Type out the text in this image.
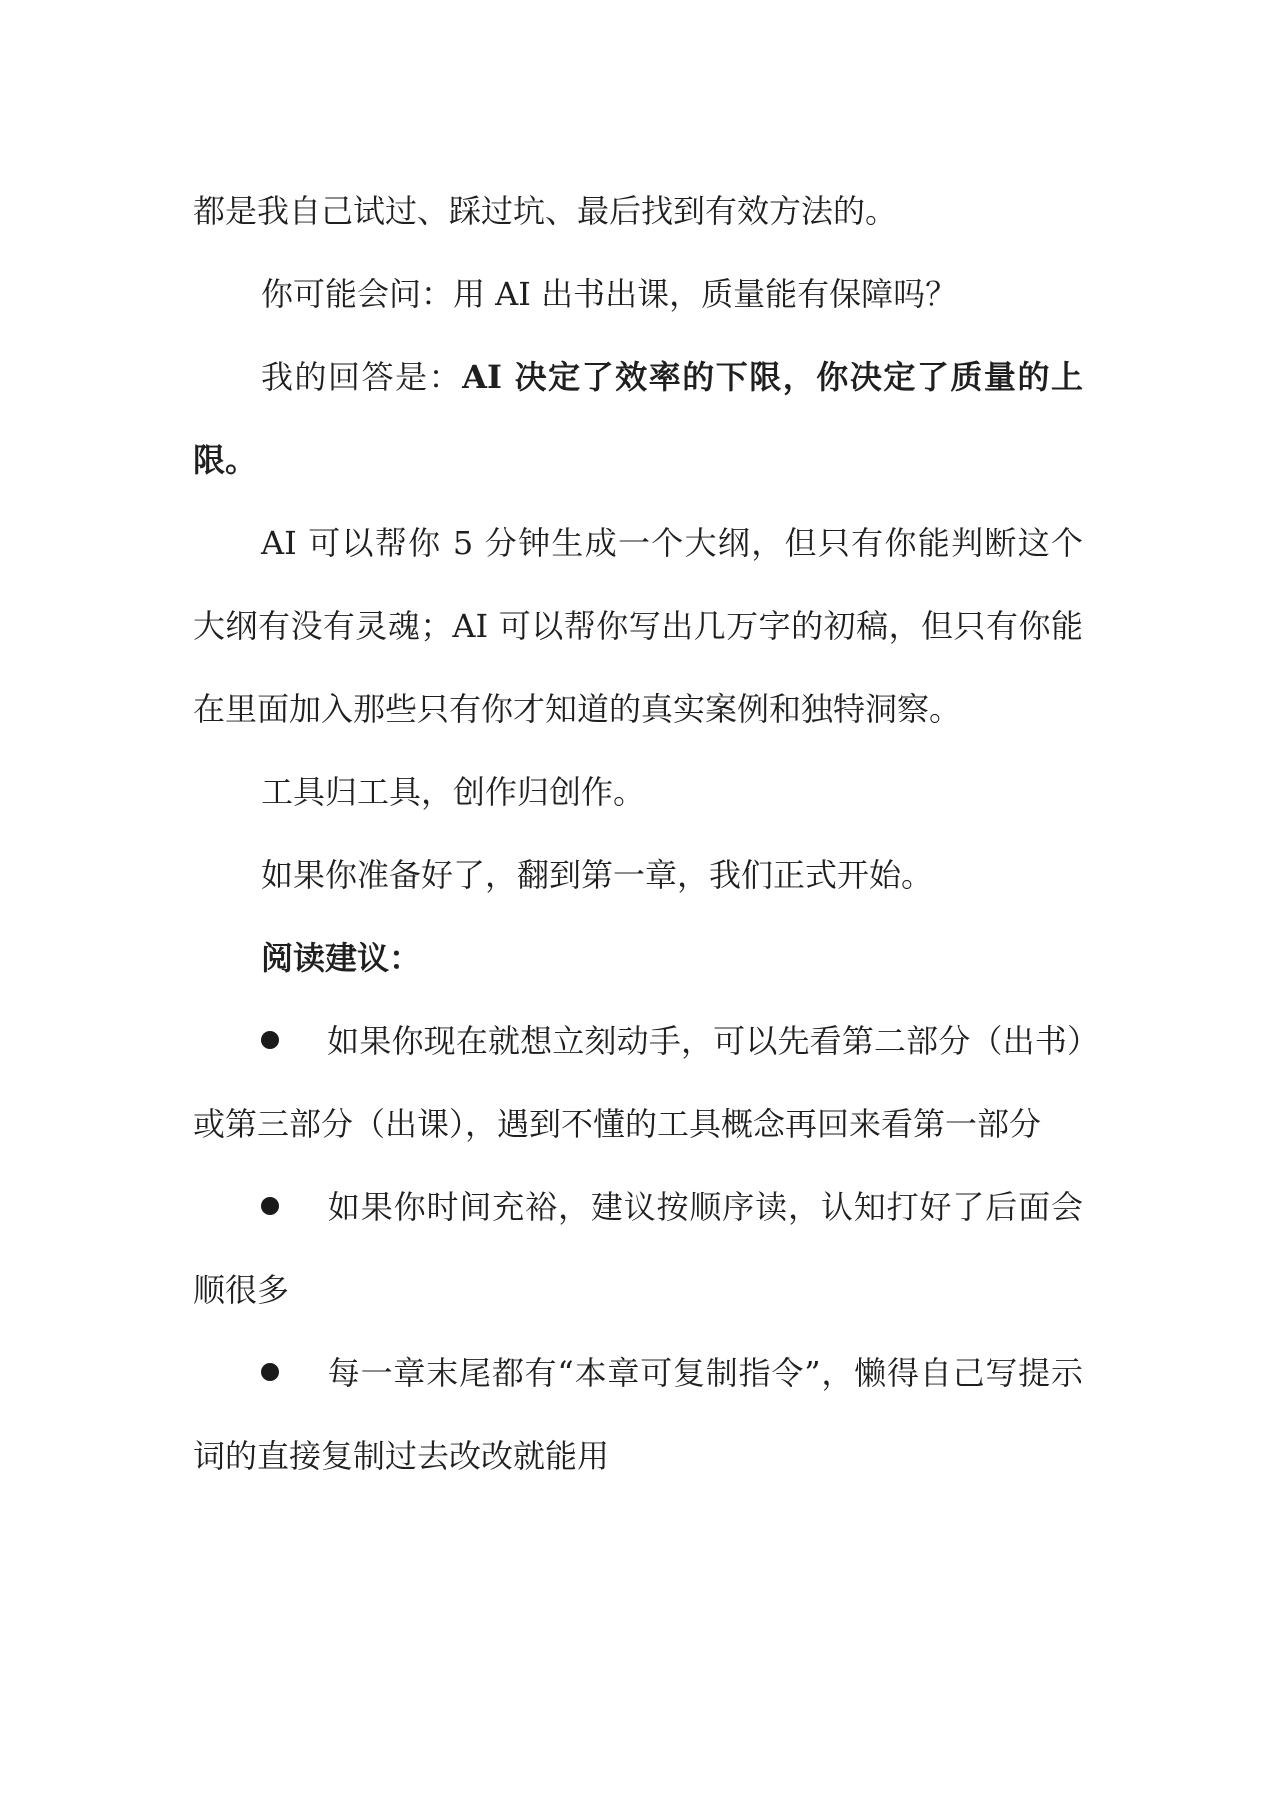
都是我自己试过、踩过坑、最后找到有效方法的。

你可能会问：用 AI 出书出课，质量能有保障吗？

我的回答是：AI 决定了效率的下限，你决定了质量的上限。

AI 可以帮你 5 分钟生成一个大纲，但只有你能判断这个大纲有没有灵魂；AI 可以帮你写出几万字的初稿，但只有你能在里面加入那些只有你才知道的真实案例和独特洞察。

工具归工具，创作归创作。

如果你准备好了，翻到第一章，我们正式开始。

阅读建议：

如果你现在就想立刻动手，可以先看第二部分（出书）或第三部分（出课），遇到不懂的工具概念再回来看第一部分

如果你时间充裕，建议按顺序读，认知打好了后面会顺很多

每一章末尾都有“本章可复制指令”，懒得自己写提示词的直接复制过去改改就能用
